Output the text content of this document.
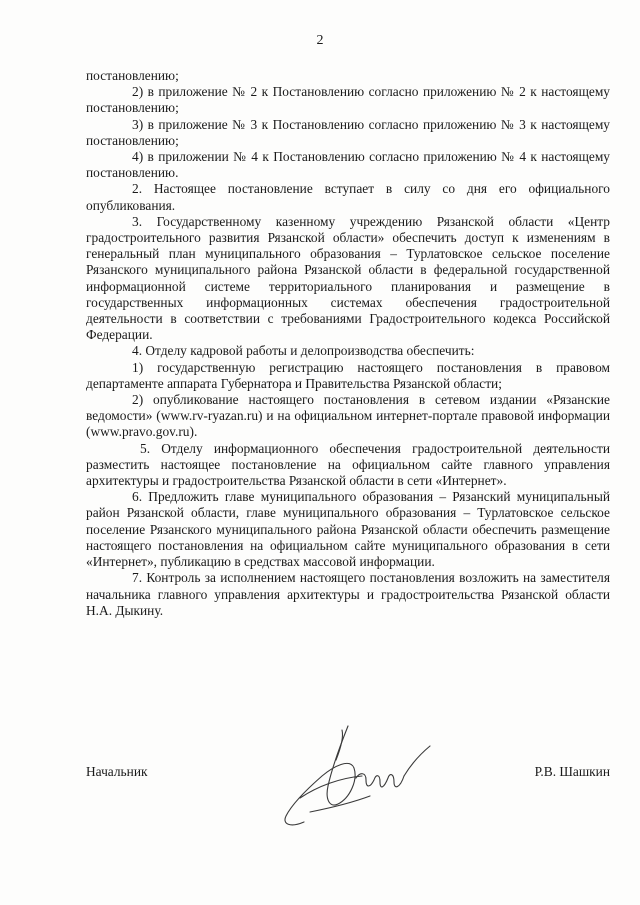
2

постановлению;

2) в приложение № 2 к Постановлению согласно приложению № 2 к настоящему постановлению;

3) в приложение № 3 к Постановлению согласно приложению № 3 к настоящему постановлению;

4) в приложении № 4 к Постановлению согласно приложению № 4 к настоящему постановлению.

2. Настоящее постановление вступает в силу со дня его официального опубликования.

3. Государственному казенному учреждению Рязанской области «Центр градостроительного развития Рязанской области» обеспечить доступ к изменениям в генеральный план муниципального образования – Турлатовское сельское поселение Рязанского муниципального района Рязанской области в федеральной государственной информационной системе территориального планирования и размещение в государственных информационных системах обеспечения градостроительной деятельности в соответствии с требованиями Градостроительного кодекса Российской Федерации.

4. Отделу кадровой работы и делопроизводства обеспечить:

1) государственную регистрацию настоящего постановления в правовом департаменте аппарата Губернатора и Правительства Рязанской области;

2) опубликование настоящего постановления в сетевом издании «Рязанские ведомости» (www.rv-ryazan.ru) и на официальном интернет-портале правовой информации (www.pravo.gov.ru).

5. Отделу информационного обеспечения градостроительной деятельности разместить настоящее постановление на официальном сайте главного управления архитектуры и градостроительства Рязанской области в сети «Интернет».

6. Предложить главе муниципального образования – Рязанский муниципальный район Рязанской области, главе муниципального образования – Турлатовское сельское поселение Рязанского муниципального района Рязанской области обеспечить размещение настоящего постановления на официальном сайте муниципального образования в сети «Интернет», публикацию в средствах массовой информации.

7. Контроль за исполнением настоящего постановления возложить на заместителя начальника главного управления архитектуры и градостроительства Рязанской области Н.А. Дыкину.

Начальник	Р.В. Шашкин
